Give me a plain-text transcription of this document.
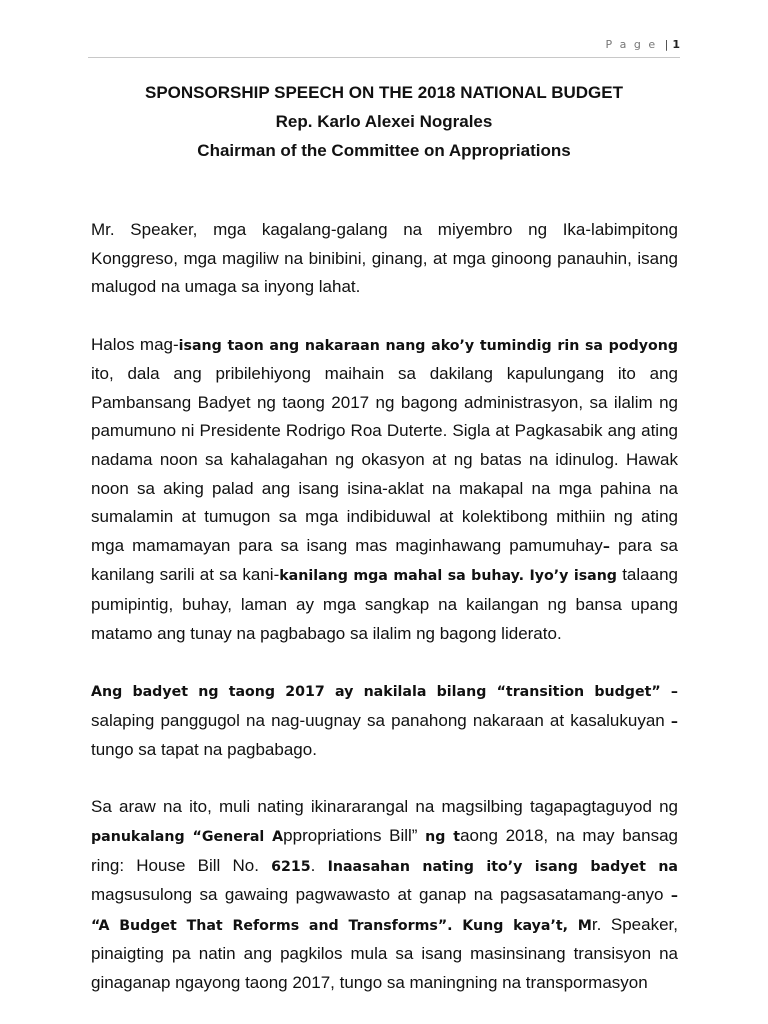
P a g e | 1
SPONSORSHIP SPEECH ON THE 2018 NATIONAL BUDGET
Rep. Karlo Alexei Nograles
Chairman of the Committee on Appropriations

Mr. Speaker, mga kagalang-galang na miyembro ng Ika-labimpitong Konggreso, mga magiliw na binibini, ginang, at mga ginoong panauhin, isang malugod na umaga sa inyong lahat.

Halos mag-isang taon ang nakaraan nang ako’y tumindig rin sa podyong ito, dala ang pribilehiyong maihain sa dakilang kapulungang ito ang Pambansang Badyet ng taong 2017 ng bagong administrasyon, sa ilalim ng pamumuno ni Presidente Rodrigo Roa Duterte. Sigla at Pagkasabik ang ating nadama noon sa kahalagahan ng okasyon at ng batas na idinulog. Hawak noon sa aking palad ang isang isina-aklat na makapal na mga pahina na sumalamin at tumugon sa mga indibiduwal at kolektibong mithiin ng ating mga mamamayan para sa isang mas maginhawang pamumuhay– para sa kanilang sarili at sa kani-kanilang mga mahal sa buhay. Iyo’y isang talaang pumipintig, buhay, laman ay mga sangkap na kailangan ng bansa upang matamo ang tunay na pagbabago sa ilalim ng bagong liderato.

Ang badyet ng taong 2017 ay nakilala bilang “transition budget” – salaping panggugol na nag-uugnay sa panahong nakaraan at kasalukuyan – tungo sa tapat na pagbabago.

Sa araw na ito, muli nating ikinararangal na magsilbing tagapagtaguyod ng panukalang “General Appropriations Bill” ng taong 2018, na may bansag ring: House Bill No. 6215. Inaasahan nating ito’y isang badyet na magsusulong sa gawaing pagwawasto at ganap na pagsasatamang-anyo – “A Budget That Reforms and Transforms”. Kung kaya’t, Mr. Speaker, pinaigting pa natin ang pagkilos mula sa isang masinsinang transisyon na ginaganap ngayong taong 2017, tungo sa maningning na transpormasyon
